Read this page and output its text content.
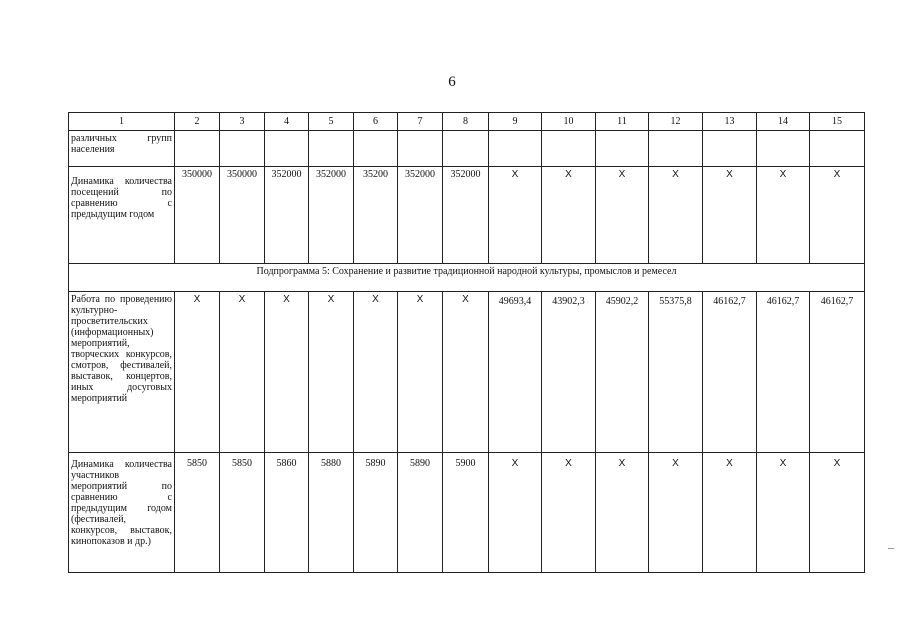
6
1	2	3	4	5	6	7	8	9	10	11	12	13	14	15
различных групп населения														
Динамика количества посещений по сравнению с предыдущим годом	350000	350000	352000	352000	35200	352000	352000	X	X	X	X	X	X	X
Подпрограмма 5: Сохранение и развитие традиционной народной культуры, промыслов и ремесел														
Работа по проведению культурно-просветительских (информационных) мероприятий, творческих конкурсов, смотров, фестивалей, выставок, концертов, иных досуговых мероприятий	X	X	X	X	X	X	X	49693,4	43902,3	45902,2	55375,8	46162,7	46162,7	46162,7
Динамика количества участников мероприятий по сравнению с предыдущим годом (фестивалей, конкурсов, выставок, кинопоказов и др.)	5850	5850	5860	5880	5890	5890	5900	X	X	X	X	X	X	X
